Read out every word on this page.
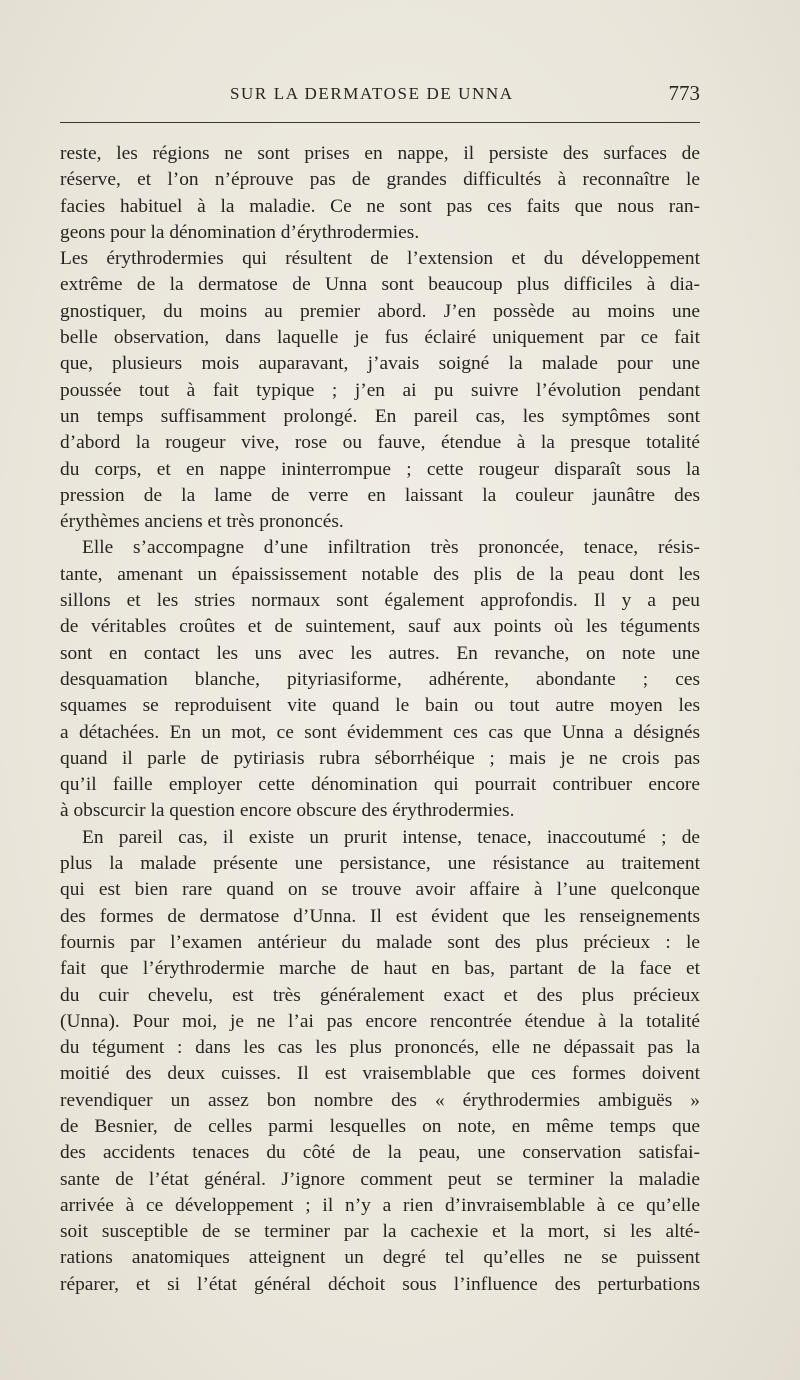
SUR LA DERMATOSE DE UNNA	773
reste, les régions ne sont prises en nappe, il persiste des surfaces de
réserve, et l’on n’éprouve pas de grandes difficultés à reconnaître le
facies habituel à la maladie. Ce ne sont pas ces faits que nous ran-
geons pour la dénomination d’érythrodermies.
Les érythrodermies qui résultent de l’extension et du développement
extrême de la dermatose de Unna sont beaucoup plus difficiles à dia-
gnostiquer, du moins au premier abord. J’en possède au moins une
belle observation, dans laquelle je fus éclairé uniquement par ce fait
que, plusieurs mois auparavant, j’avais soigné la malade pour une
poussée tout à fait typique ; j’en ai pu suivre l’évolution pendant
un temps suffisamment prolongé. En pareil cas, les symptômes sont
d’abord la rougeur vive, rose ou fauve, étendue à la presque totalité
du corps, et en nappe ininterrompue ; cette rougeur disparaît sous la
pression de la lame de verre en laissant la couleur jaunâtre des
érythèmes anciens et très prononcés.
Elle s’accompagne d’une infiltration très prononcée, tenace, résis-
tante, amenant un épaississement notable des plis de la peau dont les
sillons et les stries normaux sont également approfondis. Il y a peu
de véritables croûtes et de suintement, sauf aux points où les téguments
sont en contact les uns avec les autres. En revanche, on note une
desquamation blanche, pityriasiforme, adhérente, abondante ; ces
squames se reproduisent vite quand le bain ou tout autre moyen les
a détachées. En un mot, ce sont évidemment ces cas que Unna a désignés
quand il parle de pytiriasis rubra séborrhéique ; mais je ne crois pas
qu’il faille employer cette dénomination qui pourrait contribuer encore
à obscurcir la question encore obscure des érythrodermies.
En pareil cas, il existe un prurit intense, tenace, inaccoutumé ; de
plus la malade présente une persistance, une résistance au traitement
qui est bien rare quand on se trouve avoir affaire à l’une quelconque
des formes de dermatose d’Unna. Il est évident que les renseignements
fournis par l’examen antérieur du malade sont des plus précieux : le
fait que l’érythrodermie marche de haut en bas, partant de la face et
du cuir chevelu, est très généralement exact et des plus précieux
(Unna). Pour moi, je ne l’ai pas encore rencontrée étendue à la totalité
du tégument : dans les cas les plus prononcés, elle ne dépassait pas la
moitié des deux cuisses. Il est vraisemblable que ces formes doivent
revendiquer un assez bon nombre des « érythrodermies ambiguës »
de Besnier, de celles parmi lesquelles on note, en même temps que
des accidents tenaces du côté de la peau, une conservation satisfai-
sante de l’état général. J’ignore comment peut se terminer la maladie
arrivée à ce développement ; il n’y a rien d’invraisemblable à ce qu’elle
soit susceptible de se terminer par la cachexie et la mort, si les alté-
rations anatomiques atteignent un degré tel qu’elles ne se puissent
réparer, et si l’état général déchoit sous l’influence des perturbations
